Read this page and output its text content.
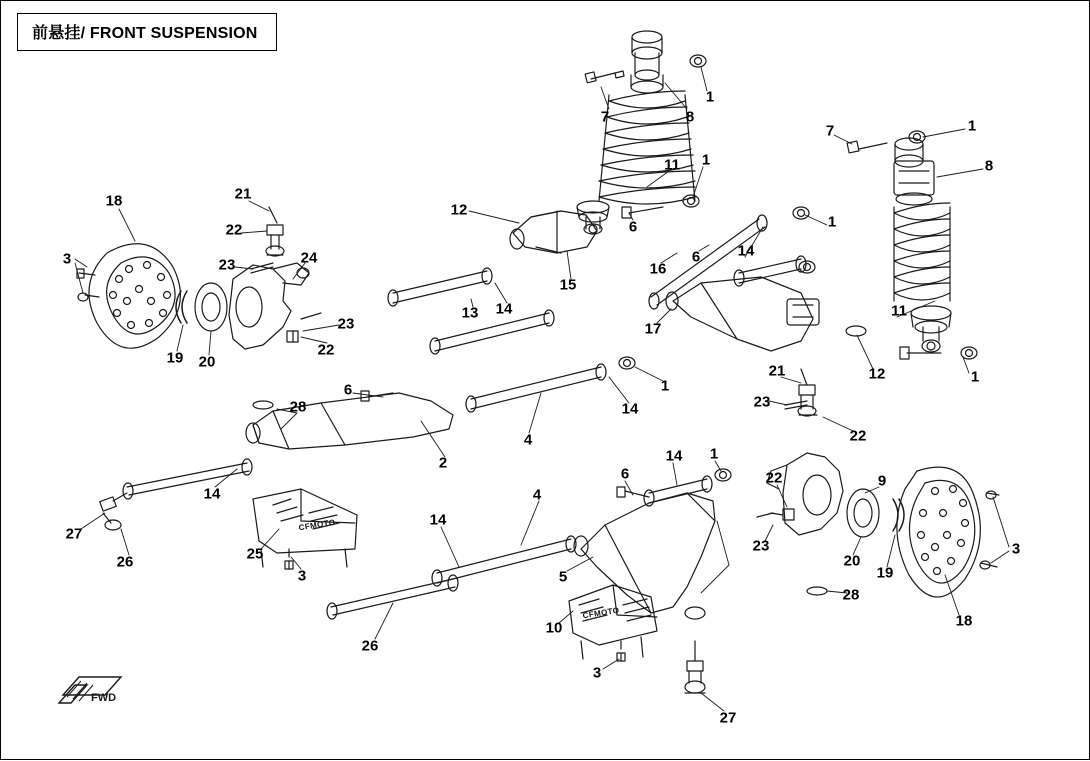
前悬挂/ FRONT SUSPENSION
7	8
1
7	1
8
11 1
12
6	1
14
6
16
15
17
13 14	11
12	1
21
22
23	24
18
3
19 20
23
22
21
23
22
6	1
14
4
2
28
14
27
26	25
3
14
4
6
14 1
22
23
9
20
19
3
18
28
5
10
26
3
27
FWD
CFMOTO
CFMOTO
